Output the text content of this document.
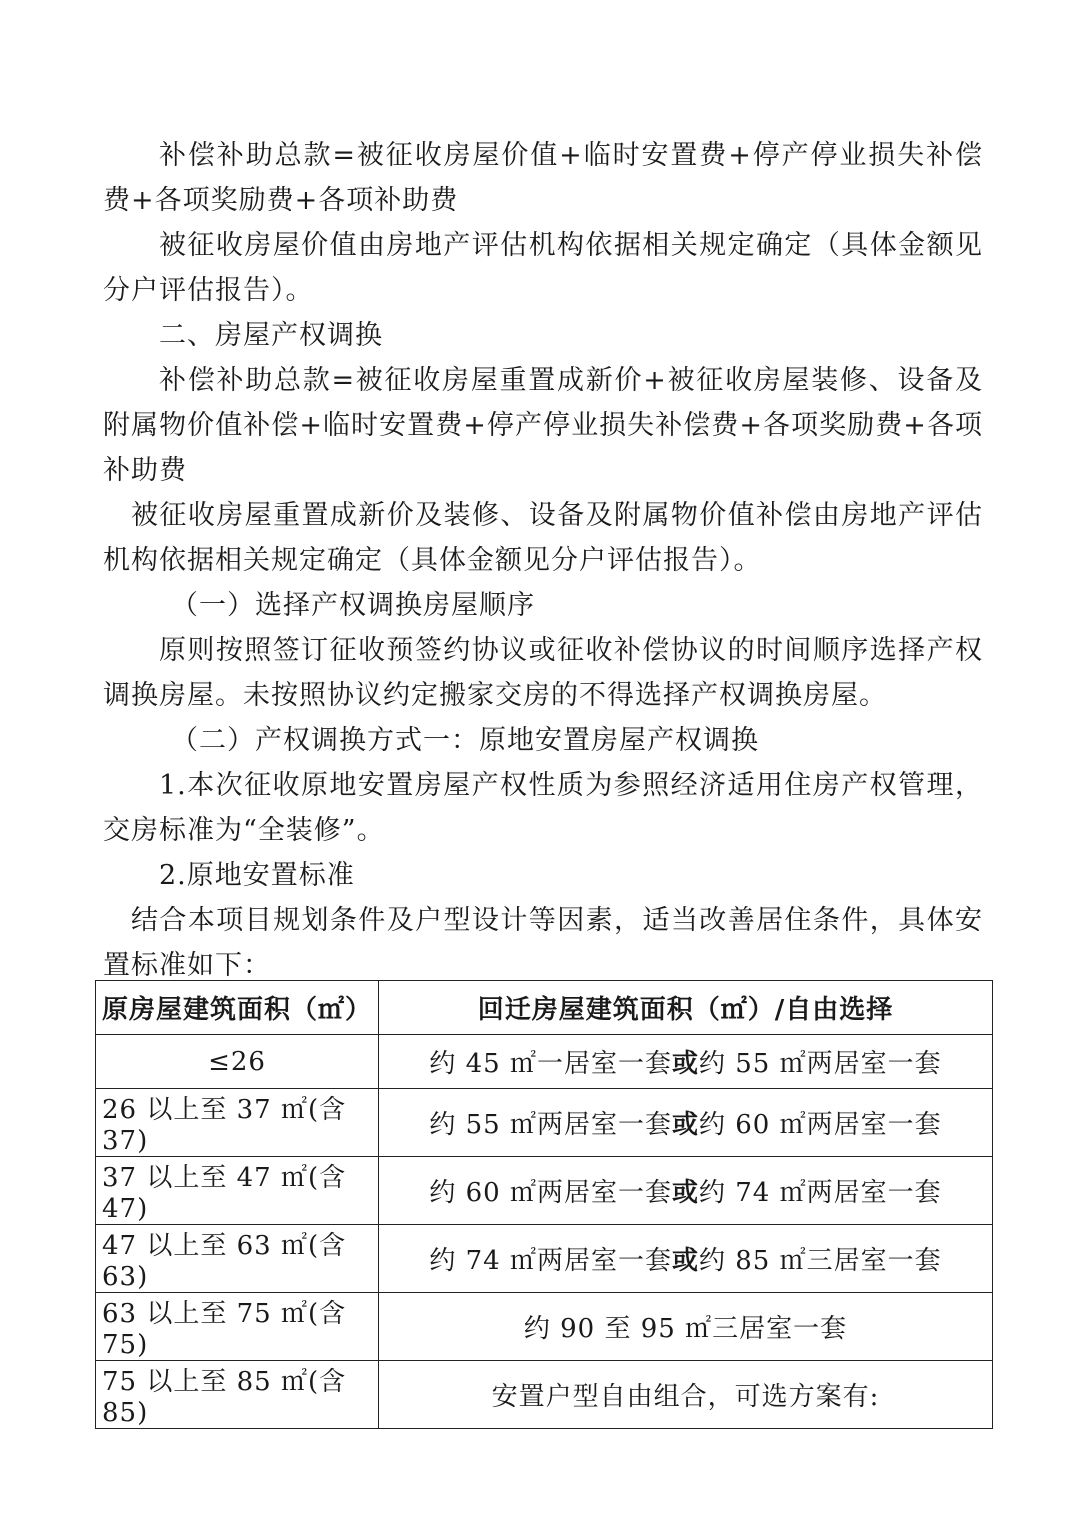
补偿补助总款=被征收房屋价值+临时安置费+停产停业损失补偿费+各项奖励费+各项补助费

被征收房屋价值由房地产评估机构依据相关规定确定（具体金额见分户评估报告）。

二、房屋产权调换

补偿补助总款=被征收房屋重置成新价+被征收房屋装修、设备及附属物价值补偿+临时安置费+停产停业损失补偿费+各项奖励费+各项补助费

被征收房屋重置成新价及装修、设备及附属物价值补偿由房地产评估机构依据相关规定确定（具体金额见分户评估报告）。

（一）选择产权调换房屋顺序

原则按照签订征收预签约协议或征收补偿协议的时间顺序选择产权调换房屋。未按照协议约定搬家交房的不得选择产权调换房屋。

（二）产权调换方式一：原地安置房屋产权调换

1.本次征收原地安置房屋产权性质为参照经济适用住房产权管理，交房标准为“全装修”。

2.原地安置标准

结合本项目规划条件及户型设计等因素，适当改善居住条件，具体安置标准如下：

原房屋建筑面积（㎡）	回迁房屋建筑面积（㎡）/自由选择
≤26	约 45 ㎡一居室一套或约 55 ㎡两居室一套
26 以上至 37 ㎡(含 37)	约 55 ㎡两居室一套或约 60 ㎡两居室一套
37 以上至 47 ㎡(含 47)	约 60 ㎡两居室一套或约 74 ㎡两居室一套
47 以上至 63 ㎡(含 63)	约 74 ㎡两居室一套或约 85 ㎡三居室一套
63 以上至 75 ㎡(含 75)	约 90 至 95 ㎡三居室一套
75 以上至 85 ㎡(含 85)	安置户型自由组合，可选方案有:
